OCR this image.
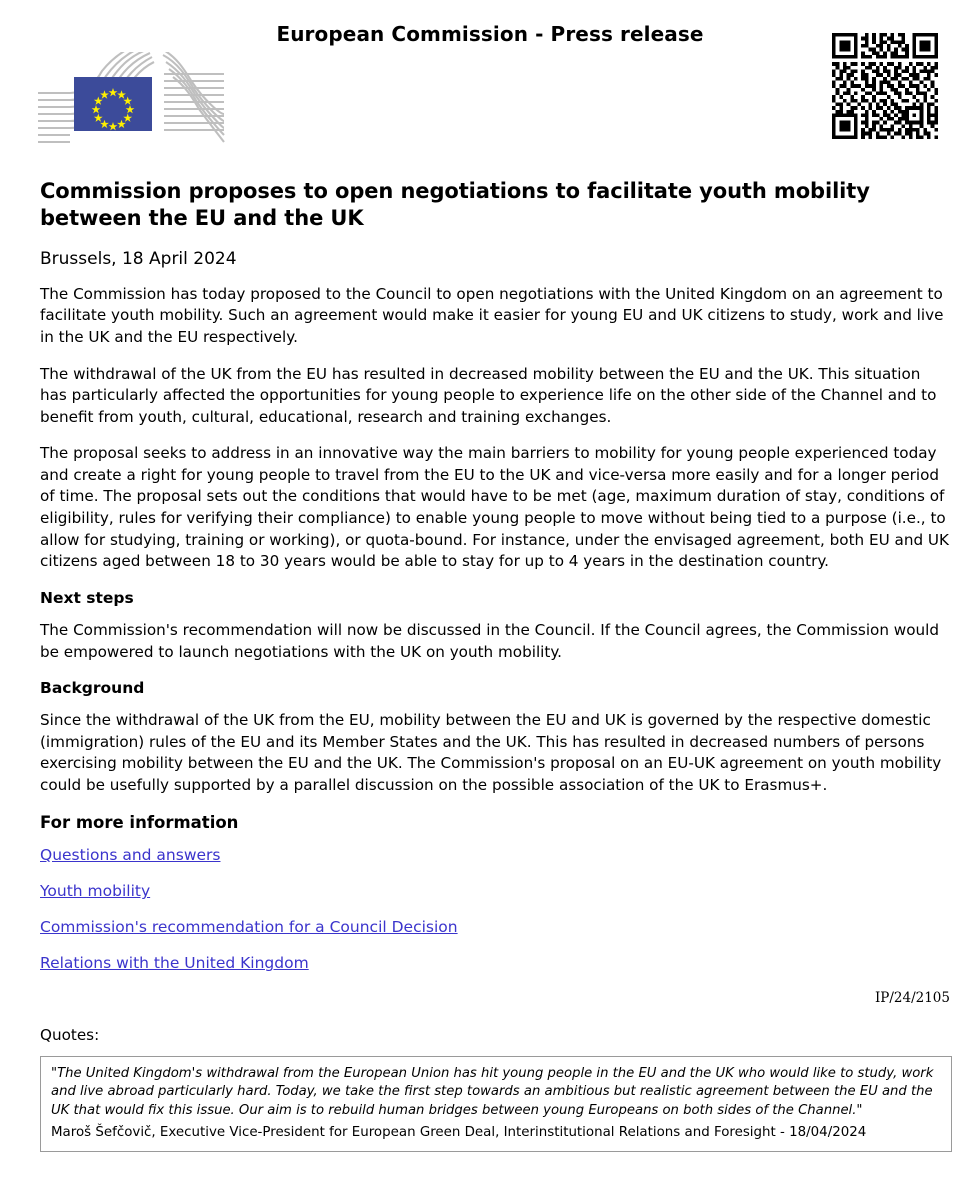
European Commission - Press release
Commission proposes to open negotiations to facilitate youth mobility between the EU and the UK
Brussels, 18 April 2024

The Commission has today proposed to the Council to open negotiations with the United Kingdom on an agreement to facilitate youth mobility. Such an agreement would make it easier for young EU and UK citizens to study, work and live in the UK and the EU respectively.

The withdrawal of the UK from the EU has resulted in decreased mobility between the EU and the UK. This situation has particularly affected the opportunities for young people to experience life on the other side of the Channel and to benefit from youth, cultural, educational, research and training exchanges.

The proposal seeks to address in an innovative way the main barriers to mobility for young people experienced today and create a right for young people to travel from the EU to the UK and vice-versa more easily and for a longer period of time. The proposal sets out the conditions that would have to be met (age, maximum duration of stay, conditions of eligibility, rules for verifying their compliance) to enable young people to move without being tied to a purpose (i.e., to allow for studying, training or working), or quota-bound. For instance, under the envisaged agreement, both EU and UK citizens aged between 18 to 30 years would be able to stay for up to 4 years in the destination country.

Next steps

The Commission's recommendation will now be discussed in the Council. If the Council agrees, the Commission would be empowered to launch negotiations with the UK on youth mobility.

Background

Since the withdrawal of the UK from the EU, mobility between the EU and UK is governed by the respective domestic (immigration) rules of the EU and its Member States and the UK. This has resulted in decreased numbers of persons exercising mobility between the EU and the UK. The Commission's proposal on an EU-UK agreement on youth mobility could be usefully supported by a parallel discussion on the possible association of the UK to Erasmus+.

For more information
Questions and answers
Youth mobility
Commission's recommendation for a Council Decision
Relations with the United Kingdom
IP/24/2105
Quotes:

"The United Kingdom's withdrawal from the European Union has hit young people in the EU and the UK who would like to study, work and live abroad particularly hard. Today, we take the first step towards an ambitious but realistic agreement between the EU and the UK that would fix this issue. Our aim is to rebuild human bridges between young Europeans on both sides of the Channel."

Maroš Šefčovič, Executive Vice-President for European Green Deal, Interinstitutional Relations and Foresight - 18/04/2024
